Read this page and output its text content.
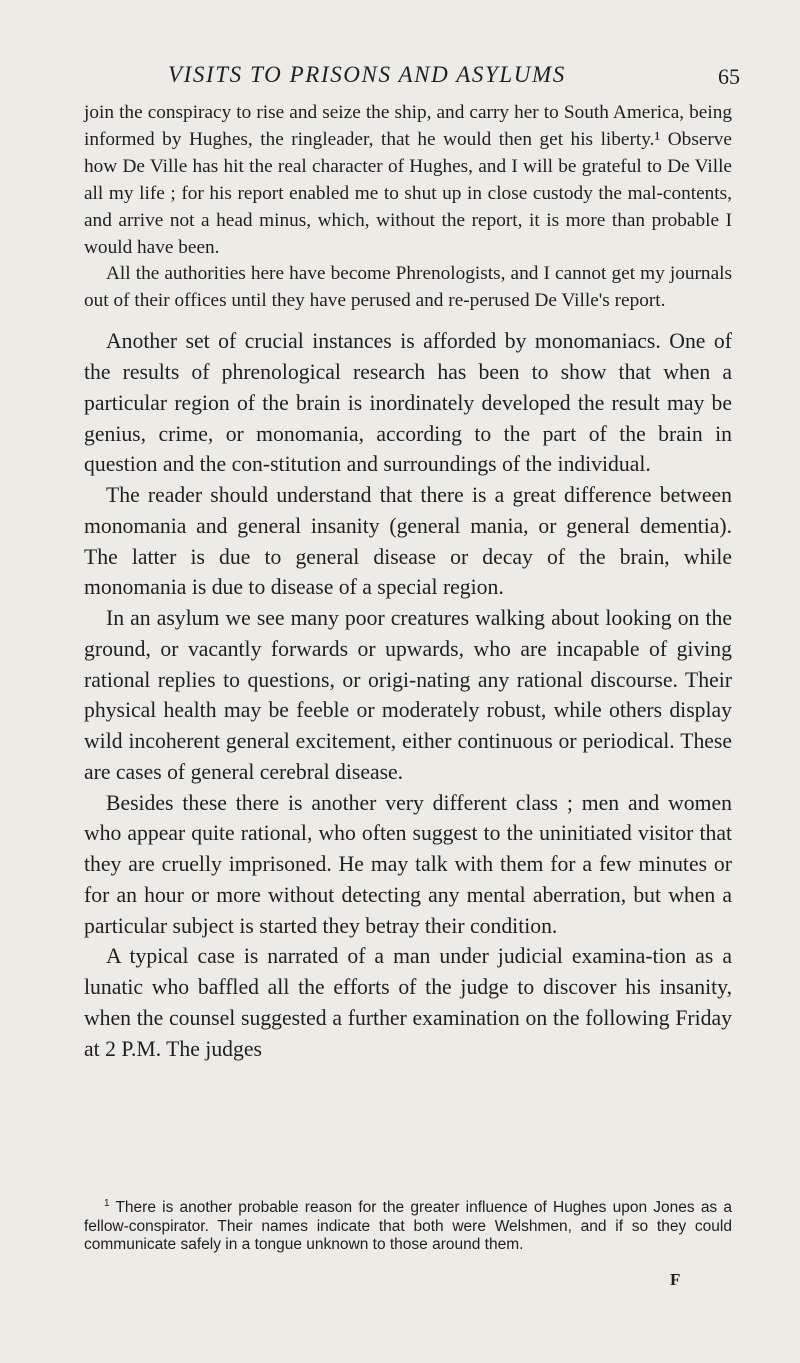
VISITS TO PRISONS AND ASYLUMS	65

join the conspiracy to rise and seize the ship, and carry her to South America, being informed by Hughes, the ringleader, that he would then get his liberty.¹ Observe how De Ville has hit the real character of Hughes, and I will be grateful to De Ville all my life ; for his report enabled me to shut up in close custody the mal-contents, and arrive not a head minus, which, without the report, it is more than probable I would have been.

All the authorities here have become Phrenologists, and I cannot get my journals out of their offices until they have perused and re-perused De Ville's report.

Another set of crucial instances is afforded by monomaniacs. One of the results of phrenological research has been to show that when a particular region of the brain is inordinately developed the result may be genius, crime, or monomania, according to the part of the brain in question and the con-stitution and surroundings of the individual.

The reader should understand that there is a great difference between monomania and general insanity (general mania, or general dementia). The latter is due to general disease or decay of the brain, while monomania is due to disease of a special region.

In an asylum we see many poor creatures walking about looking on the ground, or vacantly forwards or upwards, who are incapable of giving rational replies to questions, or origi-nating any rational discourse. Their physical health may be feeble or moderately robust, while others display wild incoherent general excitement, either continuous or periodical. These are cases of general cerebral disease.

Besides these there is another very different class ; men and women who appear quite rational, who often suggest to the uninitiated visitor that they are cruelly imprisoned. He may talk with them for a few minutes or for an hour or more without detecting any mental aberration, but when a particular subject is started they betray their condition.

A typical case is narrated of a man under judicial examina-tion as a lunatic who baffled all the efforts of the judge to discover his insanity, when the counsel suggested a further examination on the following Friday at 2 P.M. The judges

$^1$ There is another probable reason for the greater influence of Hughes upon Jones as a fellow-conspirator. Their names indicate that both were Welshmen, and if so they could communicate safely in a tongue unknown to those around them.

F
